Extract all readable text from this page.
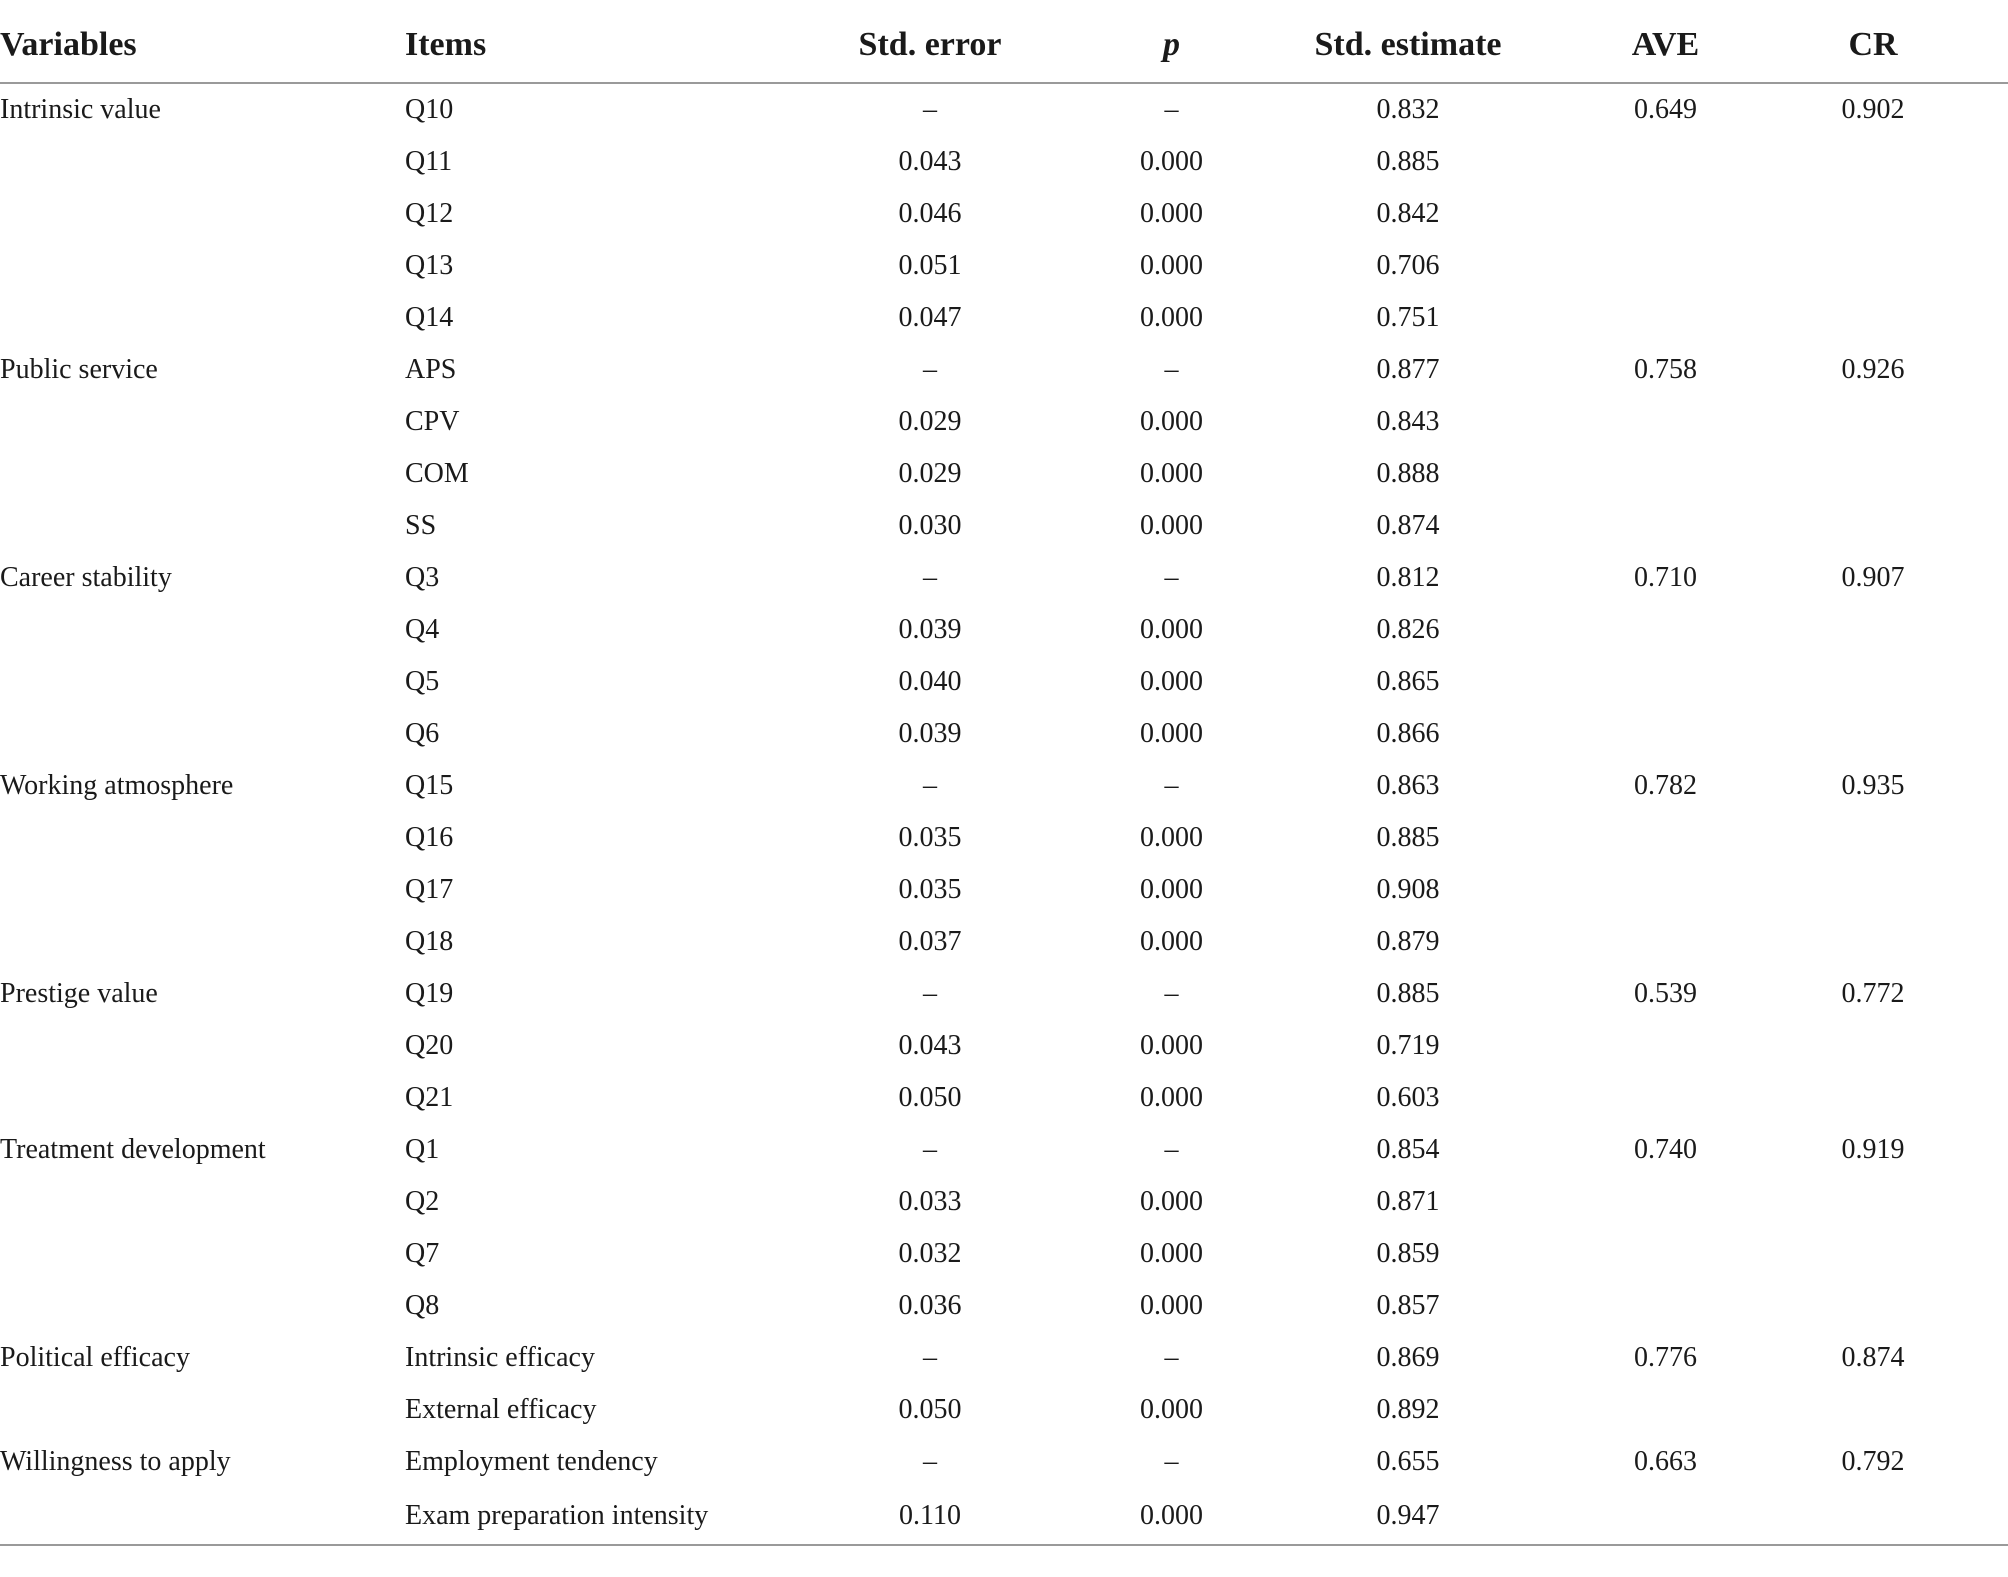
Variables	Items	Std. error	p	Std. estimate	AVE	CR
Intrinsic value	Q10	–	–	0.832	0.649	0.902
	Q11	0.043	0.000	0.885		
	Q12	0.046	0.000	0.842		
	Q13	0.051	0.000	0.706		
	Q14	0.047	0.000	0.751		
Public service	APS	–	–	0.877	0.758	0.926
	CPV	0.029	0.000	0.843		
	COM	0.029	0.000	0.888		
	SS	0.030	0.000	0.874		
Career stability	Q3	–	–	0.812	0.710	0.907
	Q4	0.039	0.000	0.826		
	Q5	0.040	0.000	0.865		
	Q6	0.039	0.000	0.866		
Working atmosphere	Q15	–	–	0.863	0.782	0.935
	Q16	0.035	0.000	0.885		
	Q17	0.035	0.000	0.908		
	Q18	0.037	0.000	0.879		
Prestige value	Q19	–	–	0.885	0.539	0.772
	Q20	0.043	0.000	0.719		
	Q21	0.050	0.000	0.603		
Treatment development	Q1	–	–	0.854	0.740	0.919
	Q2	0.033	0.000	0.871		
	Q7	0.032	0.000	0.859		
	Q8	0.036	0.000	0.857		
Political efficacy	Intrinsic efficacy	–	–	0.869	0.776	0.874
	External efficacy	0.050	0.000	0.892		
Willingness to apply	Employment tendency	–	–	0.655	0.663	0.792
	Exam preparation intensity	0.110	0.000	0.947		
